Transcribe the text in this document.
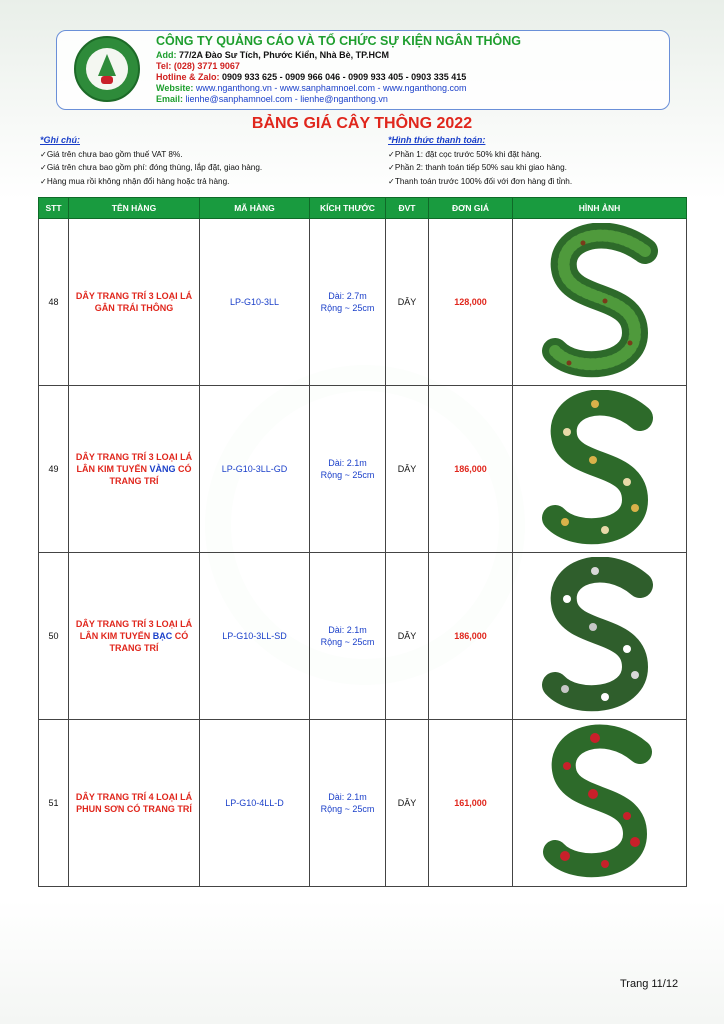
CÔNG TY QUẢNG CÁO VÀ TỔ CHỨC SỰ KIỆN NGÂN THÔNG
Add: 77/2A Đào Sư Tích, Phước Kiển, Nhà Bè, TP.HCM
Tel: (028) 3771 9067
Hotline & Zalo: 0909 933 625 - 0909 966 046 - 0909 933 405 - 0903 335 415
Website: www.nganthong.vn - www.sanphamnoel.com - www.nganthong.com
Email: lienhe@sanphamnoel.com - lienhe@nganthong.vn
BẢNG GIÁ CÂY THÔNG 2022
*Ghi chú:
✓Giá trên chưa bao gồm thuế VAT 8%.
✓Giá trên chưa bao gồm phí: đóng thùng, lắp đặt, giao hàng.
✓Hàng mua rồi không nhận đổi hàng hoặc trả hàng.
*Hình thức thanh toán:
✓Phần 1: đặt cọc trước 50% khi đặt hàng.
✓Phần 2: thanh toán tiếp 50% sau khi giao hàng.
✓Thanh toán trước 100% đối với đơn hàng đi tỉnh.
STT	TÊN HÀNG	MÃ HÀNG	KÍCH THƯỚC	ĐVT	ĐƠN GIÁ	HÌNH ẢNH
48	DÂY TRANG TRÍ 3 LOẠI LÁ GÂN TRÁI THÔNG	LP-G10-3LL	Dài: 2.7m
Rộng ~ 25cm	DÂY	128,000	

49	DÂY TRANG TRÍ 3 LOẠI LÁ LÂN KIM TUYẾN VÀNG CÓ TRANG TRÍ	LP-G10-3LL-GD	Dài: 2.1m
Rộng ~ 25cm	DÂY	186,000	

50	DÂY TRANG TRÍ 3 LOẠI LÁ LÂN KIM TUYẾN BẠC CÓ TRANG TRÍ	LP-G10-3LL-SD	Dài: 2.1m
Rộng ~ 25cm	DÂY	186,000	

51	DÂY TRANG TRÍ 4 LOẠI LÁ PHUN SƠN CÓ TRANG TRÍ	LP-G10-4LL-D	Dài: 2.1m
Rộng ~ 25cm	DÂY	161,000	
Trang 11/12
